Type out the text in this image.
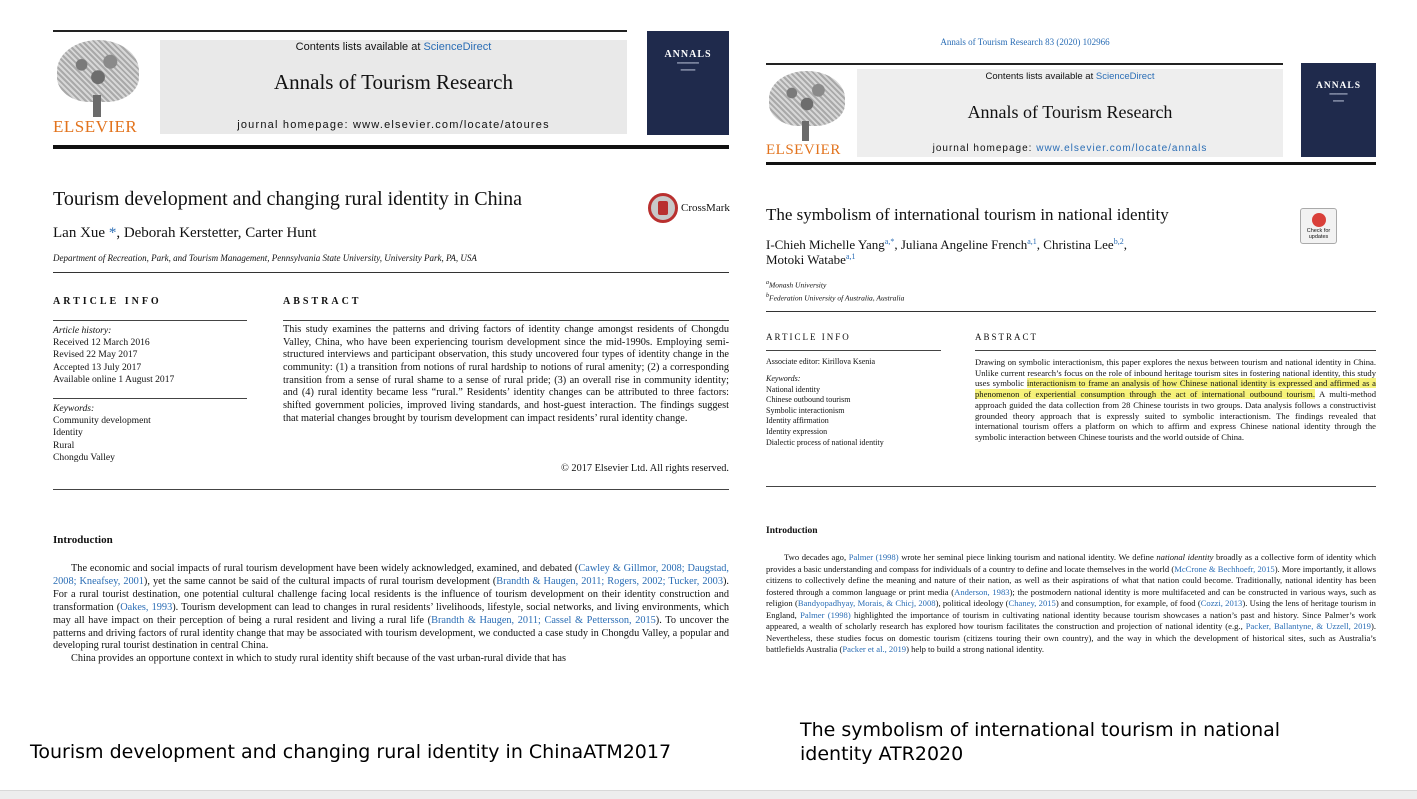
ELSEVIER
Contents lists available at ScienceDirect
Annals of Tourism Research
journal homepage: www.elsevier.com/locate/atoures
ANNALS
━━━━━━
━━━━
Tourism development and changing rural identity in China	CrossMark
Lan Xue *, Deborah Kerstetter, Carter Hunt
Department of Recreation, Park, and Tourism Management, Pennsylvania State University, University Park, PA, USA
ARTICLE INFO	ABSTRACT
Article history:
Received 12 March 2016
Revised 22 May 2017
Accepted 13 July 2017
Available online 1 August 2017
Keywords:
Community development
Identity
Rural
Chongdu Valley
This study examines the patterns and driving factors of identity change amongst residents of Chongdu Valley, China, who have been experiencing tourism development since the mid-1990s. Employing semi-structured interviews and participant observation, this study uncovered four types of identity change in the community: (1) a transition from notions of rural hardship to notions of rural amenity; (2) a corresponding transition from a sense of rural shame to a sense of rural pride; (3) an overall rise in community identity; and (4) rural identity became less “rural.” Residents’ identity changes can be attributed to three factors: shifted government policies, improved living standards, and host-guest interaction. The findings suggest that material changes brought by tourism development can impact residents’ rural identity change.
© 2017 Elsevier Ltd. All rights reserved.
Introduction

The economic and social impacts of rural tourism development have been widely acknowledged, examined, and debated (Cawley & Gillmor, 2008; Daugstad, 2008; Kneafsey, 2001), yet the same cannot be said of the cultural impacts of rural tourism development (Brandth & Haugen, 2011; Rogers, 2002; Tucker, 2003). For a rural tourist destination, one potential cultural challenge facing local residents is the influence of tourism development on their identity construction and transformation (Oakes, 1993). Tourism development can lead to changes in rural residents’ livelihoods, lifestyle, social networks, and living environments, which may all have impact on their perception of being a rural resident and living a rural life (Brandth & Haugen, 2011; Cassel & Pettersson, 2015). To uncover the patterns and driving factors of rural identity change that may be associated with tourism development, we conducted a case study in Chongdu Valley, a popular and developing rural tourist destination in central China.

China provides an opportune context in which to study rural identity shift because of the vast urban-rural divide that has

Annals of Tourism Research 83 (2020) 102966
ELSEVIER
Contents lists available at ScienceDirect
Annals of Tourism Research
journal homepage: www.elsevier.com/locate/annals
ANNALS
━━━━━
━━━
The symbolism of international tourism in national identity
Check for updates
I-Chieh Michelle Yang$^{a,*}$, Juliana Angeline French$^{a,1}$, Christina Lee$^{b,2}$,
Motoki Watabe$^{a,1}$
$^a$Monash University
$^b$Federation University of Australia, Australia
ARTICLE INFO	ABSTRACT
Associate editor: Kirillova Ksenia
Keywords:
National identity
Chinese outbound tourism
Symbolic interactionism
Identity affirmation
Identity expression
Dialectic process of national identity
Drawing on symbolic interactionism, this paper explores the nexus between tourism and national identity in China. Unlike current research’s focus on the role of inbound heritage tourism sites in fostering national identity, this study uses symbolic interactionism to frame an analysis of how Chinese national identity is expressed and affirmed as a phenomenon of experiential consumption through the act of international outbound tourism. A multi-method approach guided the data collection from 28 Chinese tourists in two groups. Data analysis follows a constructivist grounded theory approach that is expressly suited to symbolic interactionism. The findings revealed that international tourism offers a platform on which to affirm and express Chinese national identity through the symbolic interaction between Chinese tourists and the world outside of China.
Introduction

Two decades ago, Palmer (1998) wrote her seminal piece linking tourism and national identity. We define national identity broadly as a collective form of identity which provides a basic understanding and compass for individuals of a country to define and locate themselves in the world (McCrone & Bechhoefr, 2015). More importantly, it allows citizens to collectively define the meaning and nature of their nation, as well as their aspirations of what that nation could become. Traditionally, national identity has been fostered through a common language or print media (Anderson, 1983); the postmodern national identity is more multifaceted and can be constructed in various ways, such as religion (Bandyopadhyay, Morais, & Chicj, 2008), political ideology (Chaney, 2015) and consumption, for example, of food (Cozzi, 2013). Using the lens of heritage tourism in England, Palmer (1998) highlighted the importance of tourism in cultivating national identity because tourism showcases a nation’s past and history. Since Palmer’s work appeared, a wealth of scholarly research has explored how tourism facilitates the construction and projection of national identity (e.g., Packer, Ballantyne, & Uzzell, 2019). Nevertheless, these studies focus on domestic tourism (citizens touring their own country), and the way in which the development of historical sites, such as Australia’s battlefields Australia (Packer et al., 2019) help to build a strong national identity.

Tourism development and changing rural identity in ChinaATM2017
The symbolism of international tourism in national identity ATR2020
